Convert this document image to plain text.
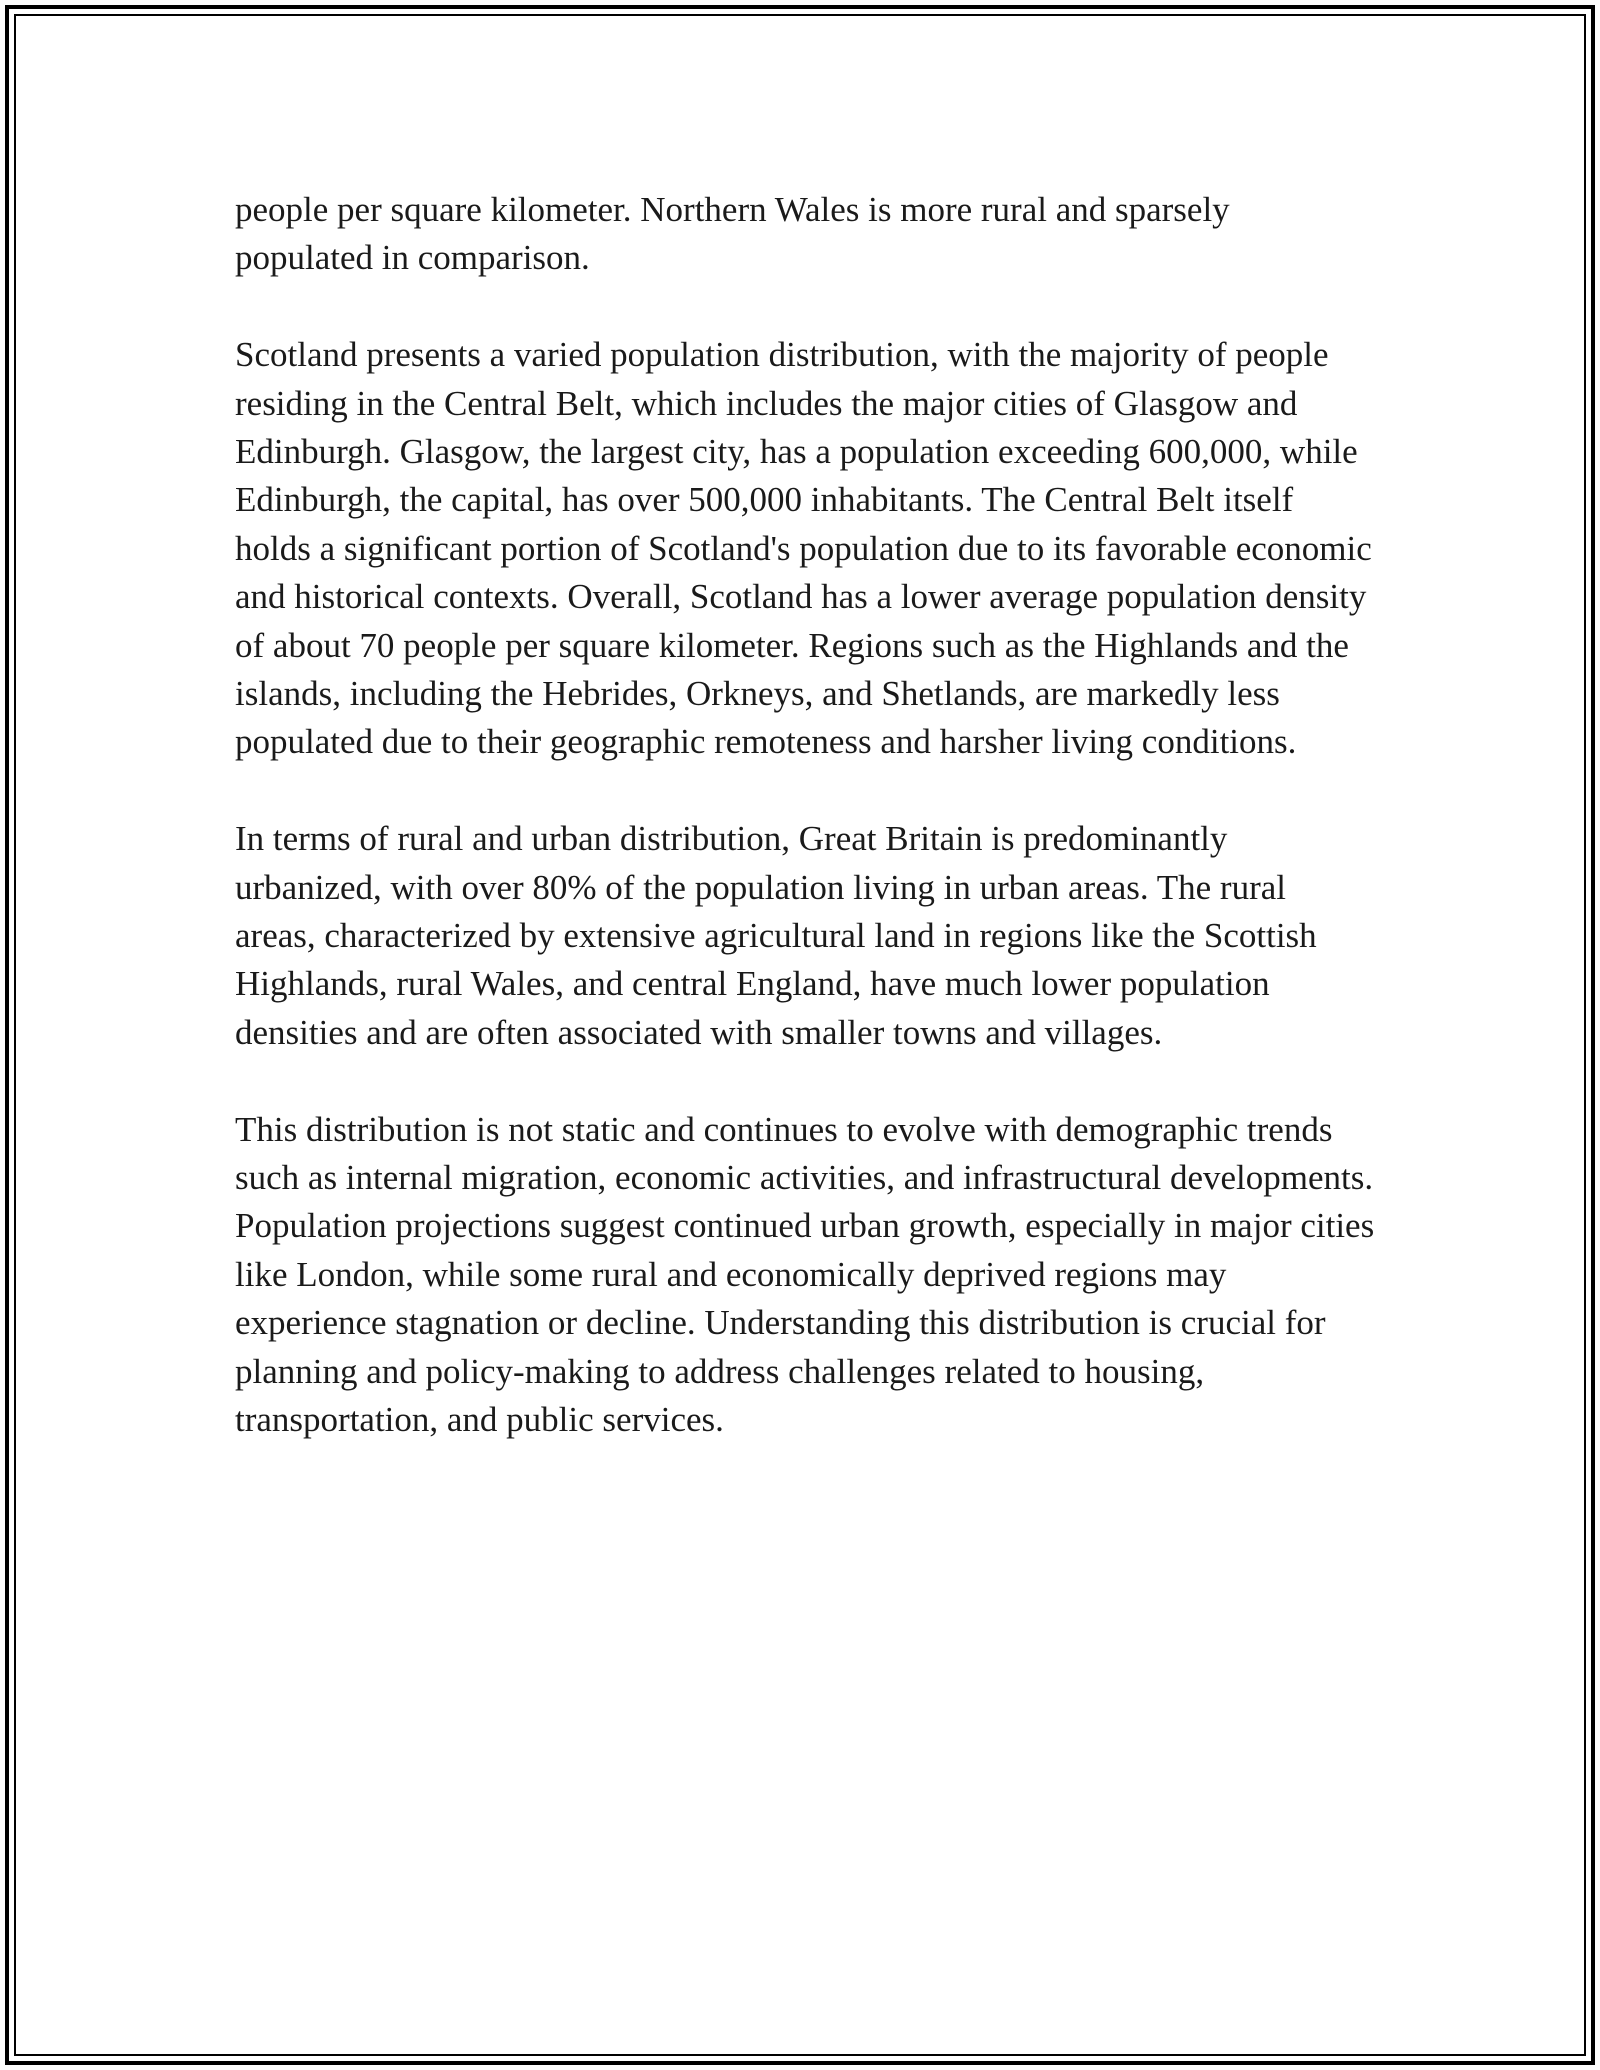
people per square kilometer. Northern Wales is more rural and sparsely populated in comparison.

Scotland presents a varied population distribution, with the majority of people residing in the Central Belt, which includes the major cities of Glasgow and Edinburgh. Glasgow, the largest city, has a population exceeding 600,000, while Edinburgh, the capital, has over 500,000 inhabitants. The Central Belt itself holds a significant portion of Scotland's population due to its favorable economic and historical contexts. Overall, Scotland has a lower average population density of about 70 people per square kilometer. Regions such as the Highlands and the islands, including the Hebrides, Orkneys, and Shetlands, are markedly less populated due to their geographic remoteness and harsher living conditions.

In terms of rural and urban distribution, Great Britain is predominantly urbanized, with over 80% of the population living in urban areas. The rural areas, characterized by extensive agricultural land in regions like the Scottish Highlands, rural Wales, and central England, have much lower population densities and are often associated with smaller towns and villages.

This distribution is not static and continues to evolve with demographic trends such as internal migration, economic activities, and infrastructural developments. Population projections suggest continued urban growth, especially in major cities like London, while some rural and economically deprived regions may experience stagnation or decline. Understanding this distribution is crucial for planning and policy-making to address challenges related to housing, transportation, and public services.
